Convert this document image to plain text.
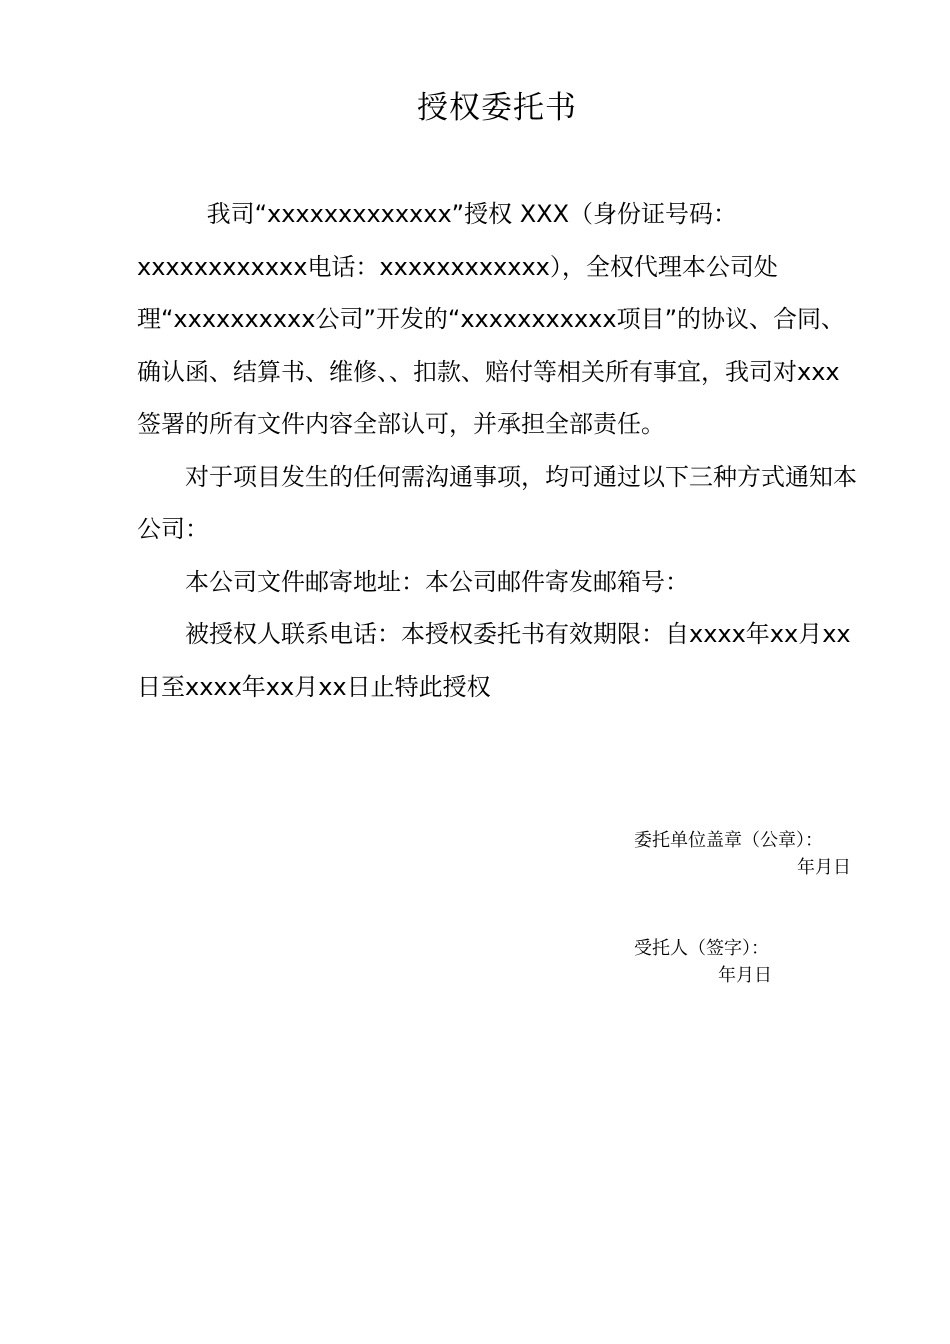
授权委托书

我司“xxxxxxxxxxxxx”授权 XXX（身份证号码：xxxxxxxxxxxx电话：xxxxxxxxxxxx），全权代理本公司处理“xxxxxxxxxx公司”开发的“xxxxxxxxxxx项目”的协议、合同、确认函、结算书、维修、、扣款、赔付等相关所有事宜，我司对xxx签署的所有文件内容全部认可，并承担全部责任。

对于项目发生的任何需沟通事项，均可通过以下三种方式通知本公司：

本公司文件邮寄地址：本公司邮件寄发邮箱号：

被授权人联系电话：本授权委托书有效期限：自xxxx年xx月xx日至xxxx年xx月xx日止特此授权

委托单位盖章（公章）：
年月日
受托人（签字）：
年月日
